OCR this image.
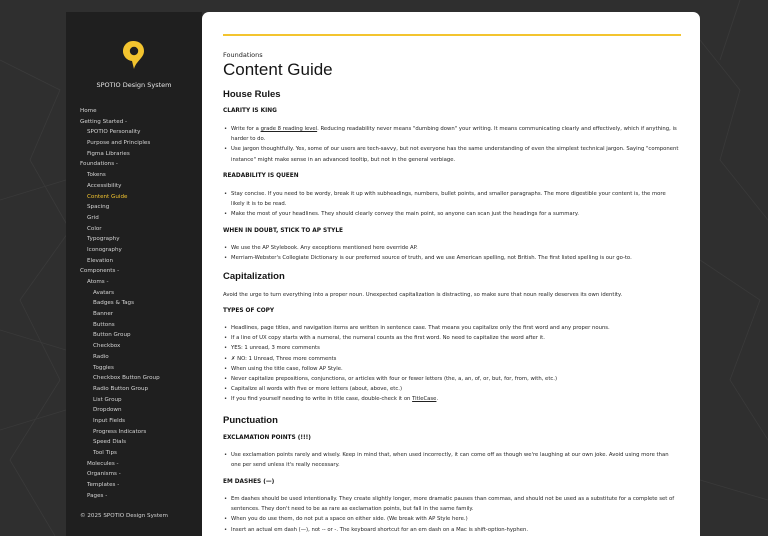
SPOTIO Design System
Home
Getting Started -
SPOTIO Personality
Purpose and Principles
Figma Libraries
Foundations -
Tokens
Accessibility
Content Guide
Spacing
Grid
Color
Typography
Iconography
Elevation
Components -
Atoms -
Avatars
Badges & Tags
Banner
Buttons
Button Group
Checkbox
Radio
Toggles
Checkbox Button Group
Radio Button Group
List Group
Dropdown
Input Fields
Progress Indicators
Speed Dials
Tool Tips
Molecules -
Organisms -
Templates -
Pages -
© 2025 SPOTIO Design System
Foundations
Content Guide
House Rules
CLARITY IS KING
• Write for a grade 8 reading level. Reducing readability never means "dumbing down" your writing. It means communicating clearly and effectively, which if anything, is harder to do.
• Use jargon thoughtfully. Yes, some of our users are tech-savvy, but not everyone has the same understanding of even the simplest technical jargon. Saying "component instance" might make sense in an advanced tooltip, but not in the general verbiage.
READABILITY IS QUEEN
• Stay concise. If you need to be wordy, break it up with subheadings, numbers, bullet points, and smaller paragraphs. The more digestible your content is, the more likely it is to be read.
• Make the most of your headlines. They should clearly convey the main point, so anyone can scan just the headings for a summary.
WHEN IN DOUBT, STICK TO AP STYLE
• We use the AP Stylebook. Any exceptions mentioned here override AP.
• Merriam-Webster's Collegiate Dictionary is our preferred source of truth, and we use American spelling, not British. The first listed spelling is our go-to.
Capitalization
Avoid the urge to turn everything into a proper noun. Unexpected capitalization is distracting, so make sure that noun really deserves its own identity.
TYPES OF COPY
• Headlines, page titles, and navigation items are written in sentence case. That means you capitalize only the first word and any proper nouns.
• If a line of UX copy starts with a numeral, the numeral counts as the first word. No need to capitalize the word after it.
• YES: 1 unread, 3 more comments
• ✗ NO: 1 Unread, Three more comments
• When using the title case, follow AP Style.
• Never capitalize prepositions, conjunctions, or articles with four or fewer letters (the, a, an, of, or, but, for, from, with, etc.)
• Capitalize all words with five or more letters (about, above, etc.)
• If you find yourself needing to write in title case, double-check it on TitleCase.
Punctuation
EXCLAMATION POINTS (!!!)
• Use exclamation points rarely and wisely. Keep in mind that, when used incorrectly, it can come off as though we're laughing at our own joke. Avoid using more than one per send unless it's really necessary.
EM DASHES (—)
• Em dashes should be used intentionally. They create slightly longer, more dramatic pauses than commas, and should not be used as a substitute for a complete set of sentences. They don't need to be as rare as exclamation points, but fall in the same family.
• When you do use them, do not put a space on either side. (We break with AP Style here.)
• Insert an actual em dash (—), not -- or -. The keyboard shortcut for an em dash on a Mac is shift-option-hyphen.
